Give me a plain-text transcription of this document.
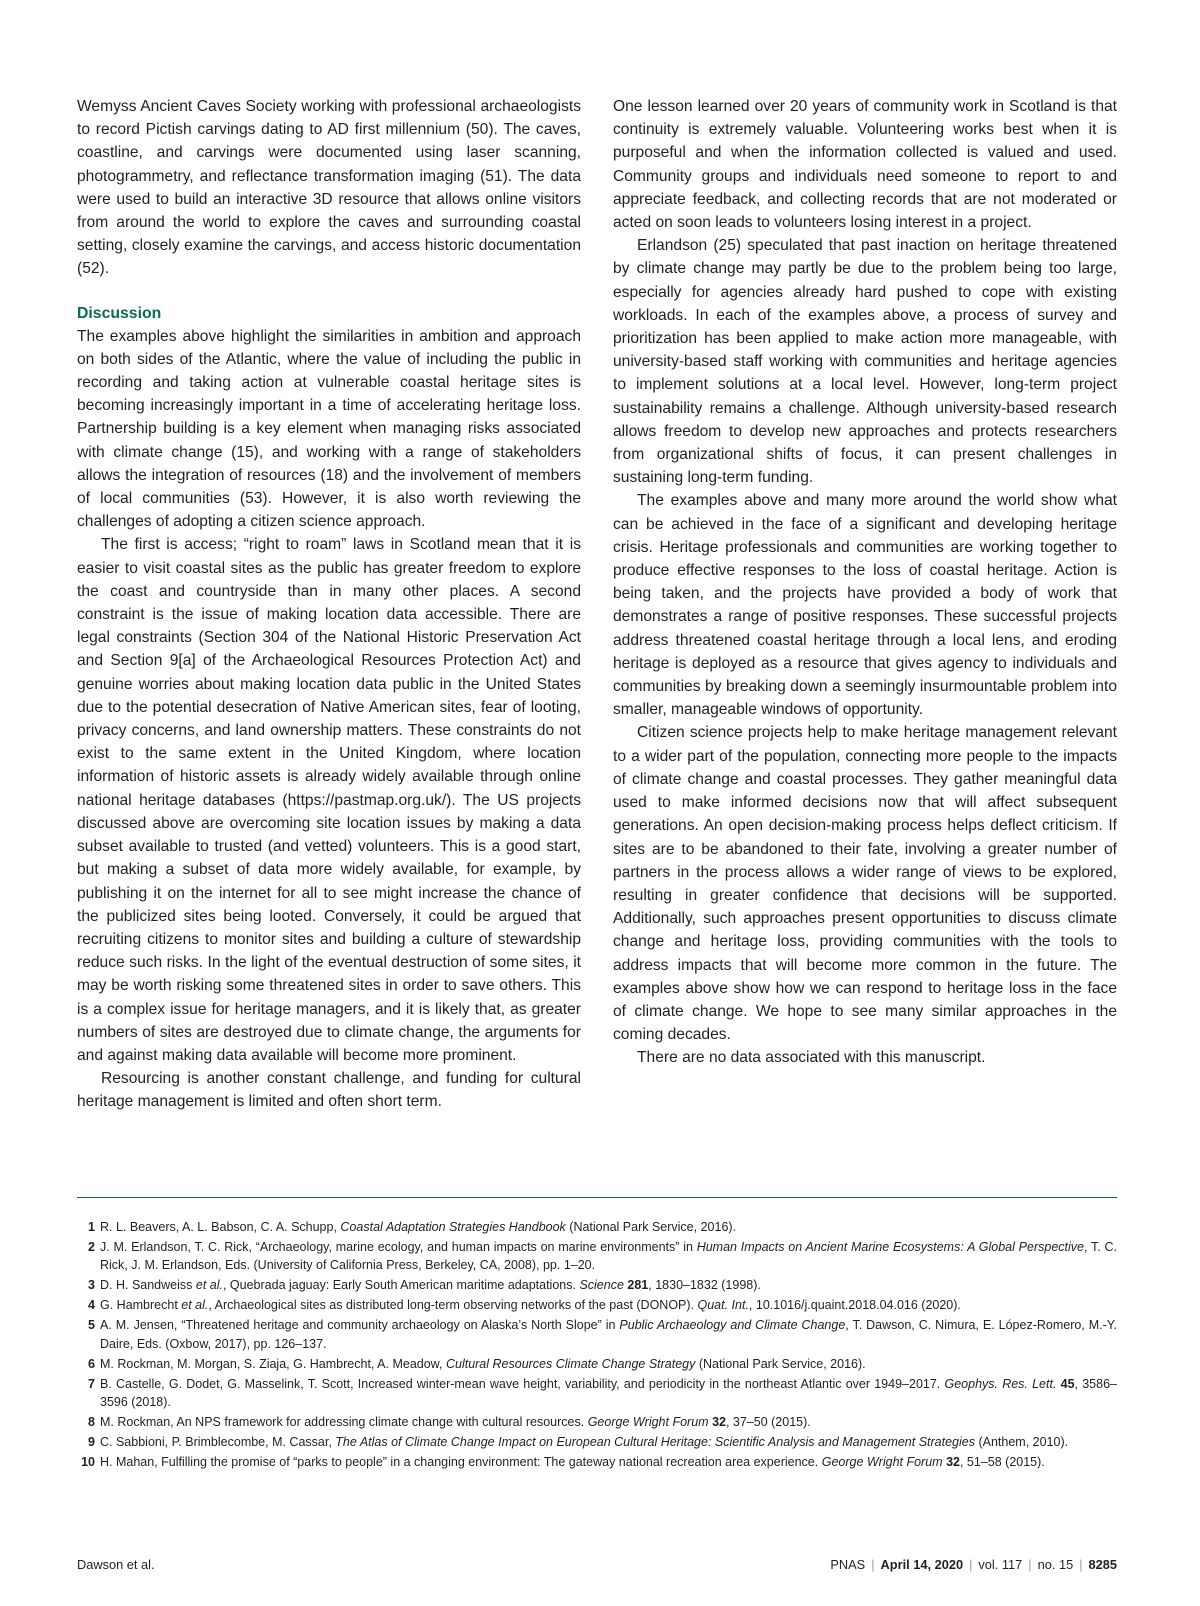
Wemyss Ancient Caves Society working with professional archaeologists to record Pictish carvings dating to AD first millennium (50). The caves, coastline, and carvings were documented using laser scanning, photogrammetry, and reflectance transformation imaging (51). The data were used to build an interactive 3D resource that allows online visitors from around the world to explore the caves and surrounding coastal setting, closely examine the carvings, and access historic documentation (52).

Discussion

The examples above highlight the similarities in ambition and approach on both sides of the Atlantic, where the value of including the public in recording and taking action at vulnerable coastal heritage sites is becoming increasingly important in a time of accelerating heritage loss. Partnership building is a key element when managing risks associated with climate change (15), and working with a range of stakeholders allows the integration of resources (18) and the involvement of members of local communities (53). However, it is also worth reviewing the challenges of adopting a citizen science approach.

The first is access; “right to roam” laws in Scotland mean that it is easier to visit coastal sites as the public has greater freedom to explore the coast and countryside than in many other places. A second constraint is the issue of making location data accessible. There are legal constraints (Section 304 of the National Historic Preservation Act and Section 9[a] of the Archaeological Resources Protection Act) and genuine worries about making location data public in the United States due to the potential desecration of Native American sites, fear of looting, privacy concerns, and land ownership matters. These constraints do not exist to the same extent in the United Kingdom, where location information of historic assets is already widely available through online national heritage databases (https://pastmap.org.uk/). The US projects discussed above are overcoming site location issues by making a data subset available to trusted (and vetted) volunteers. This is a good start, but making a subset of data more widely available, for example, by publishing it on the internet for all to see might increase the chance of the publicized sites being looted. Conversely, it could be argued that recruiting citizens to monitor sites and building a culture of stewardship reduce such risks. In the light of the eventual destruction of some sites, it may be worth risking some threatened sites in order to save others. This is a complex issue for heritage managers, and it is likely that, as greater numbers of sites are destroyed due to climate change, the arguments for and against making data available will become more prominent.

Resourcing is another constant challenge, and funding for cultural heritage management is limited and often short term.

One lesson learned over 20 years of community work in Scotland is that continuity is extremely valuable. Volunteering works best when it is purposeful and when the information collected is valued and used. Community groups and individuals need someone to report to and appreciate feedback, and collecting records that are not moderated or acted on soon leads to volunteers losing interest in a project.

Erlandson (25) speculated that past inaction on heritage threatened by climate change may partly be due to the problem being too large, especially for agencies already hard pushed to cope with existing workloads. In each of the examples above, a process of survey and prioritization has been applied to make action more manageable, with university-based staff working with communities and heritage agencies to implement solutions at a local level. However, long-term project sustainability remains a challenge. Although university-based research allows freedom to develop new approaches and protects researchers from organizational shifts of focus, it can present challenges in sustaining long-term funding.

The examples above and many more around the world show what can be achieved in the face of a significant and developing heritage crisis. Heritage professionals and communities are working together to produce effective responses to the loss of coastal heritage. Action is being taken, and the projects have provided a body of work that demonstrates a range of positive responses. These successful projects address threatened coastal heritage through a local lens, and eroding heritage is deployed as a resource that gives agency to individuals and communities by breaking down a seemingly insurmountable problem into smaller, manageable windows of opportunity.

Citizen science projects help to make heritage management relevant to a wider part of the population, connecting more people to the impacts of climate change and coastal processes. They gather meaningful data used to make informed decisions now that will affect subsequent generations. An open decision-making process helps deflect criticism. If sites are to be abandoned to their fate, involving a greater number of partners in the process allows a wider range of views to be explored, resulting in greater confidence that decisions will be supported. Additionally, such approaches present opportunities to discuss climate change and heritage loss, providing communities with the tools to address impacts that will become more common in the future. The examples above show how we can respond to heritage loss in the face of climate change. We hope to see many similar approaches in the coming decades.

There are no data associated with this manuscript.

1 R. L. Beavers, A. L. Babson, C. A. Schupp, Coastal Adaptation Strategies Handbook (National Park Service, 2016).
2 J. M. Erlandson, T. C. Rick, “Archaeology, marine ecology, and human impacts on marine environments” in Human Impacts on Ancient Marine Ecosystems: A Global Perspective, T. C. Rick, J. M. Erlandson, Eds. (University of California Press, Berkeley, CA, 2008), pp. 1–20.
3 D. H. Sandweiss et al., Quebrada jaguay: Early South American maritime adaptations. Science 281, 1830–1832 (1998).
4 G. Hambrecht et al., Archaeological sites as distributed long-term observing networks of the past (DONOP). Quat. Int., 10.1016/j.quaint.2018.04.016 (2020).
5 A. M. Jensen, “Threatened heritage and community archaeology on Alaska’s North Slope” in Public Archaeology and Climate Change, T. Dawson, C. Nimura, E. López-Romero, M.-Y. Daire, Eds. (Oxbow, 2017), pp. 126–137.
6 M. Rockman, M. Morgan, S. Ziaja, G. Hambrecht, A. Meadow, Cultural Resources Climate Change Strategy (National Park Service, 2016).
7 B. Castelle, G. Dodet, G. Masselink, T. Scott, Increased winter-mean wave height, variability, and periodicity in the northeast Atlantic over 1949–2017. Geophys. Res. Lett. 45, 3586–3596 (2018).
8 M. Rockman, An NPS framework for addressing climate change with cultural resources. George Wright Forum 32, 37–50 (2015).
9 C. Sabbioni, P. Brimblecombe, M. Cassar, The Atlas of Climate Change Impact on European Cultural Heritage: Scientific Analysis and Management Strategies (Anthem, 2010).
10 H. Mahan, Fulfilling the promise of “parks to people” in a changing environment: The gateway national recreation area experience. George Wright Forum 32, 51–58 (2015).
Dawson et al.	PNAS | April 14, 2020 | vol. 117 | no. 15 | 8285
